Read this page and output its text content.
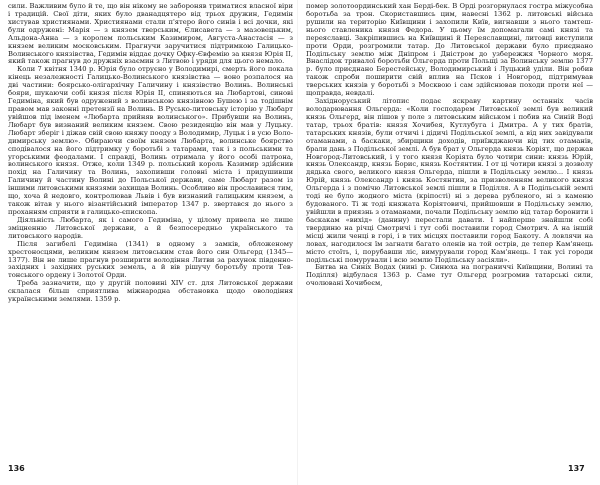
сили. Важливим було й те, що він нікому не забороняв триматися власної віри і традицій. Свої діти, яких було дванадцятеро від трьох дружин, Гедимін хистував християнами. Християнами стали п'ятеро його синів і всі дочки, які були одружені: Марія — з князем тверським, Єлисавета — з мазовецьким, Альдона-Анна — з королем польським Казимиром, Августа-Анастасія — з князем великим московським. Прагнучи заручитися підтримкою Галицько-Волинського князівства, Гедимін віддає дочку Офку-Євфемію за князя Юрія II, який також прагнув до дружніх взаємин з Литвою і уряди для цього немало.

Коли 7 квітня 1340 р. Юрія було отруєно у Володимирі, смерть його покала кінець незалежності Галицько-Волинського князівства — воно розпалося на дві частини: боярсько-олігархічну Галичину і князівство Волинь. Волинські бояри, шукаючи собі князя після Юрія II, спиняються на Любартові, синові Гедиміна, який був одружений з волинською князівною Бушею і за тодішнім правом мав законні претензії на Волинь. В Русько-литовську історію у Любарт увійшов під іменем «Любарта прийняв волинського». Прибувши на Волинь, Любарт був визнаний великим князем. Свою резиденцію він мав у Луцьку. Любарт зберіг і діжав свій свою княжу пооду з Володимир, Луцьк і в усю Володимирську землю». Обираючи своїм князем Любарта, волинське боярство сподівалося на його підтримку у боротьбі з татарами, так і з польськими та угорськими феодалами. І справді, Волинь отримала у його особі патрона, волинського князя. Отже, коли 1349 р. польський король Казимир здійснив похід на Галичину та Волинь, захопивши головні міста і придушивши Галичину й частину Волині до Польської держави, саме Любарт разом із іншими литовськими князями захищав Волинь. Особливо він прославився тим, що, хоча й недовго, контролював Львів і був визнаний галицьким князем, а також вітав у нього візантійський імператор 1347 р. звертався до нього з проханням сприяти в галицько-єпископа.

Діяльність Любарта, як і самого Гедиміна, у цілому привела не лише зміцненню Литовської держави, а й безпосередньо українського та литовського народів.

Після загибелі Гедиміна (1341) в одному з замків, обложеному хрестоносцями, великим князем литовським став його син Ольгерд (1345—1377). Він не лише прагнув розширити володіння Литви за рахунок південно-західних і західних руських земель, а й вів рішучу боротьбу проти Тевтонського ордену і Золотої Орди.

Треба зазначити, що у другій половині XIV ст. для Литовської держави склалася більш сприятлива міжнародна обстановка щодо оволодіння українськими землями. 1359 р.

помер золотоординський хан Берді-бек. В Орді розгорнулася гостра міжусобна боротьба за трон. Скориставшись цим, навесні 1362 р. литовські війська рушили на територію Київщини і захопили Київ, вигнавши з нього тамтешнього ставленика князя Федора. У цьому їм допомагали самі князі та переяславці. Закріпившись на Київщині й Переяславщині, литовці виступили проти Орди, розгромили татар. До Литовської держави було приєднано Подільську землю між Дніпром і Дністром до узбережжя Чорного моря. Внаслідок тривалої боротьби Ольгерда проти Польщі за Волинську землю 1377 р. було приєднано Берестейську, Володимирський і Луцький уділи. Він робив також спроби поширити свій вплив на Псков і Новгород, підтримував тверських князів у боротьбі з Москвою і сам здійснював походи проти неї — щоправда, невдалі.

Західноруський літопис подає яскраву картину останніх часів володарювання Ольгерда: «Коли господарем Литовської землі був великий князь Ольгерд, він пішов у поле з литовським військом і побив на Синій Воді татар, трьох братів: князя Хочибея, Кутлубуга і Дмитра. А у тих братів, татарських князів, були отчичі і дідичі Подільської землі, а від них завідували отаманами, а баскаки, збирщики доходів, приїжджаючи від тих отаманів, брали дань з Подільської землі. А був брат у Ольгерда князь Коріят, що держав Новгород-Литовський, і у того князя Коріята було чотири сини: князь Юрій, князь Олександр, князь Борис, князь Костянтин. І от ці чотири князі з дозволу дядька свого, великого князя Ольгерда, пішли в Подільську землю... І князь Юрій, князь Олександр і князь Костянтин, за призволенням великого князя Ольгерда і з помічю Литовської землі пішли в Поділля. А в Подільській землі тоді не було жодного міста (кріпості) ні з дерева рубленого, ні з каменю будованого. Ті ж тоді княжата Коріятовичі, прийшовши в Подільську землю, увійшли в приязнь з отаманами, почали Подільську землю від татар боронити і баскакам «вихід» (данину) перестали давати. І найперше знайшли собі твердиню на річці Смотричі і тут собі поставили город Смотрич. А на іншій місці жили ченці в горі, і в тих місцях поставили город Бакоту. А ловлячи на ловах, нагодилося їм загнати багато оленів на той острів, де тепер Кам'янець місто стоїть, і, порубавши ліс, вимурували город Кам'янець. І так усі городи подільські помурували і всю землю Подільську засіяли».

Битва на Синіх Водах (нині р. Синюха на пограниччі Київщини, Волині та Поділля) відбулася 1363 р. Саме тут Ольгерд розгромив татарські сили, очолювані Хочибеєм,

136	137
